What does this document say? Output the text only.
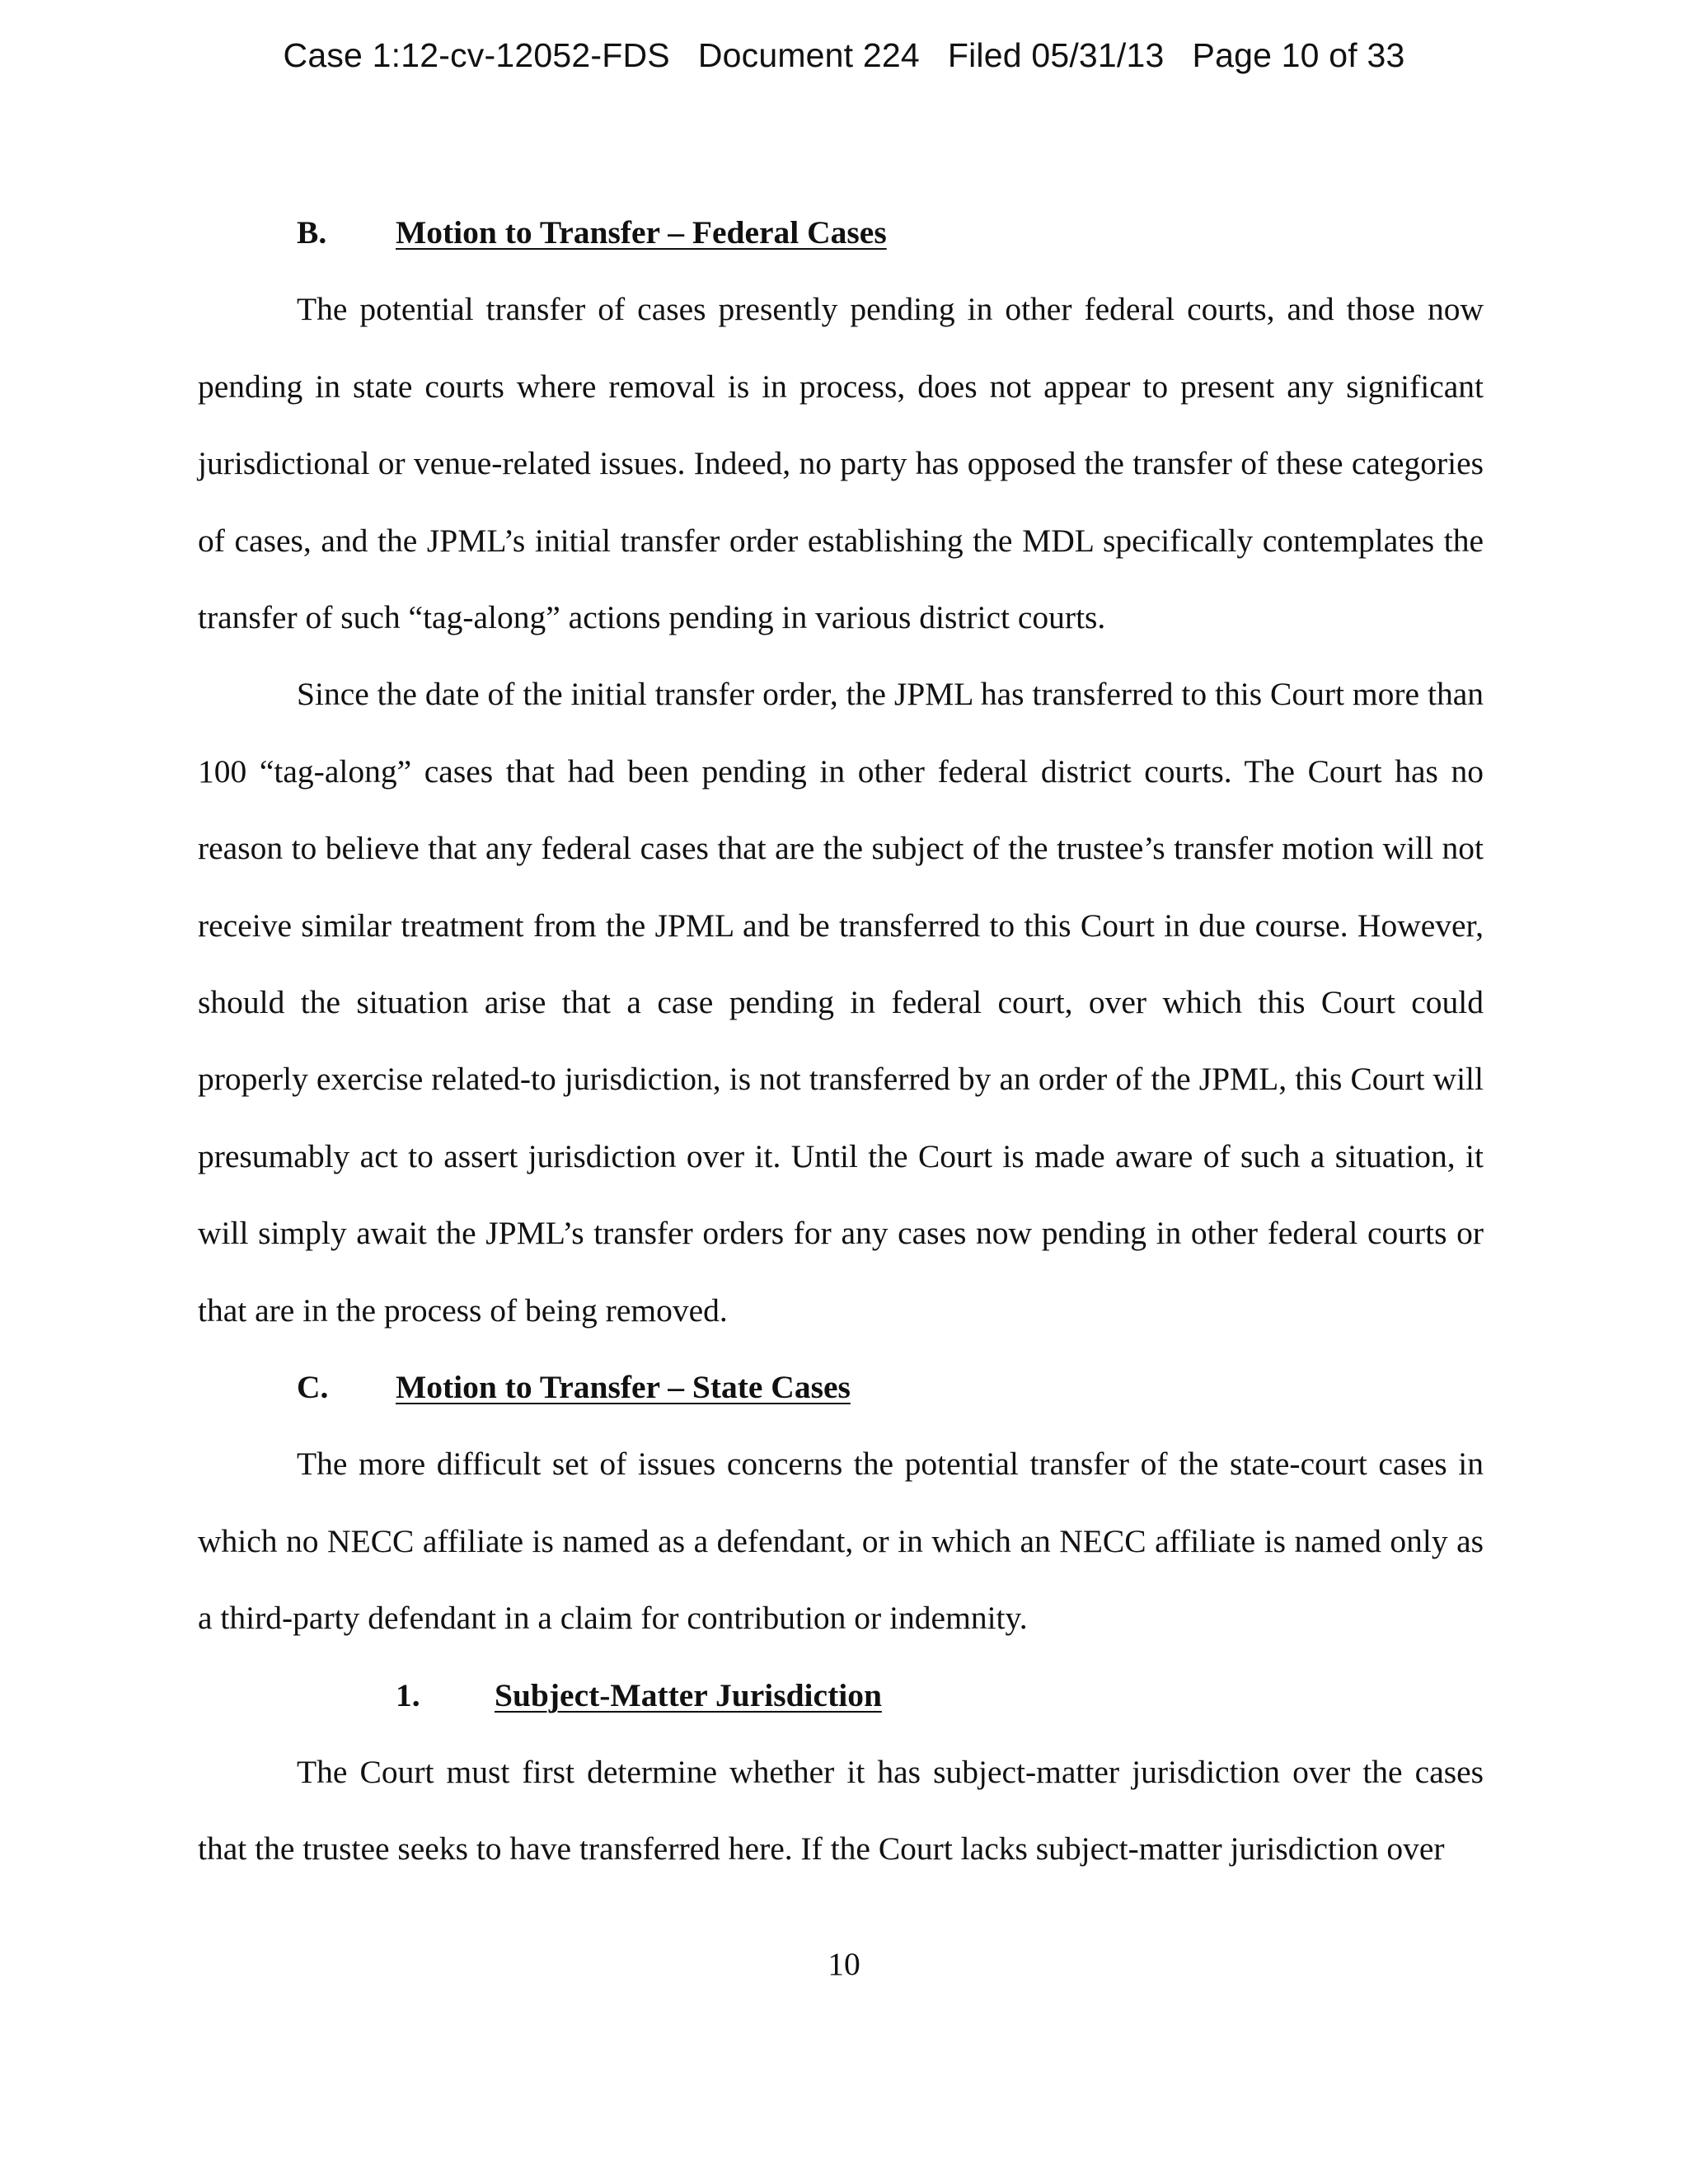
Case 1:12-cv-12052-FDS Document 224 Filed 05/31/13 Page 10 of 33

B. Motion to Transfer – Federal Cases

The potential transfer of cases presently pending in other federal courts, and those now pending in state courts where removal is in process, does not appear to present any significant jurisdictional or venue-related issues. Indeed, no party has opposed the transfer of these categories of cases, and the JPML’s initial transfer order establishing the MDL specifically contemplates the transfer of such “tag-along” actions pending in various district courts.

Since the date of the initial transfer order, the JPML has transferred to this Court more than 100 “tag-along” cases that had been pending in other federal district courts. The Court has no reason to believe that any federal cases that are the subject of the trustee’s transfer motion will not receive similar treatment from the JPML and be transferred to this Court in due course. However, should the situation arise that a case pending in federal court, over which this Court could properly exercise related-to jurisdiction, is not transferred by an order of the JPML, this Court will presumably act to assert jurisdiction over it. Until the Court is made aware of such a situation, it will simply await the JPML’s transfer orders for any cases now pending in other federal courts or that are in the process of being removed.

C. Motion to Transfer – State Cases

The more difficult set of issues concerns the potential transfer of the state-court cases in which no NECC affiliate is named as a defendant, or in which an NECC affiliate is named only as a third-party defendant in a claim for contribution or indemnity.

1. Subject-Matter Jurisdiction

The Court must first determine whether it has subject-matter jurisdiction over the cases that the trustee seeks to have transferred here. If the Court lacks subject-matter jurisdiction over

10
